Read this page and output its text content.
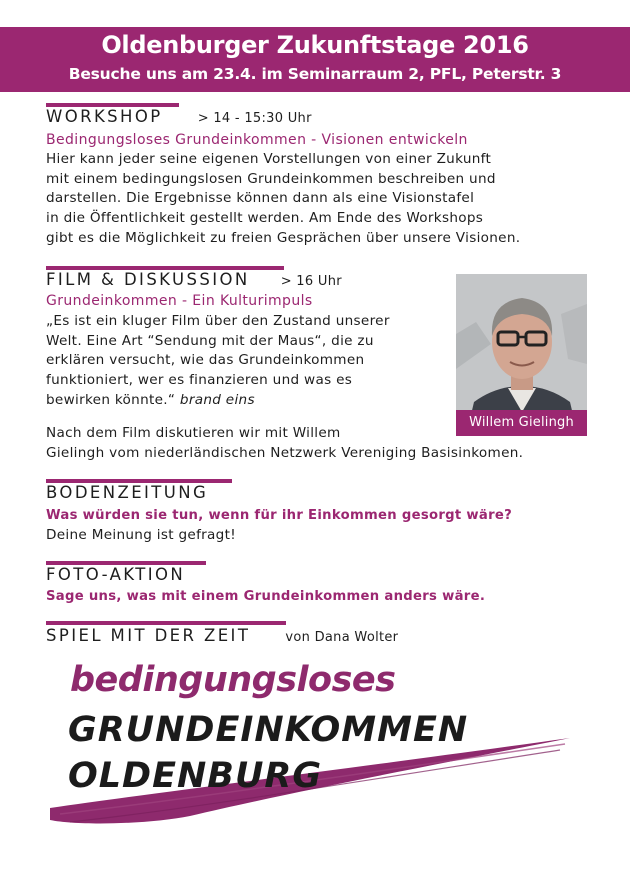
Oldenburger Zukunftstage 2016
Besuche uns am 23.4. im Seminarraum 2, PFL, Peterstr. 3
WORKSHOP	> 14 - 15:30 Uhr
Bedingungsloses Grundeinkommen - Visionen entwickeln
Hier kann jeder seine eigenen Vorstellungen von einer Zukunft
mit einem bedingungslosen Grundeinkommen beschreiben und
darstellen. Die Ergebnisse können dann als eine Visionstafel
in die Öffentlichkeit gestellt werden. Am Ende des Workshops
gibt es die Möglichkeit zu freien Gesprächen über unsere Visionen.
FILM & DISKUSSION > 16 Uhr
Grundeinkommen - Ein Kulturimpuls
„Es ist ein kluger Film über den Zustand unserer
Welt. Eine Art “Sendung mit der Maus“, die zu
erklären versucht, wie das Grundeinkommen
funktioniert, wer es finanzieren und was es
bewirken könnte.“ brand eins
Nach dem Film diskutieren wir mit Willem
Gielingh vom niederländischen Netzwerk Vereniging Basisinkomen.
Willem Gielingh
BODENZEITUNG
Was würden sie tun, wenn für ihr Einkommen gesorgt wäre?
Deine Meinung ist gefragt!
FOTO-AKTION
Sage uns, was mit einem Grundeinkommen anders wäre.
SPIEL MIT DER ZEIT	von Dana Wolter
bedingungsloses
GRUNDEINKOMMEN
OLDENBURG
